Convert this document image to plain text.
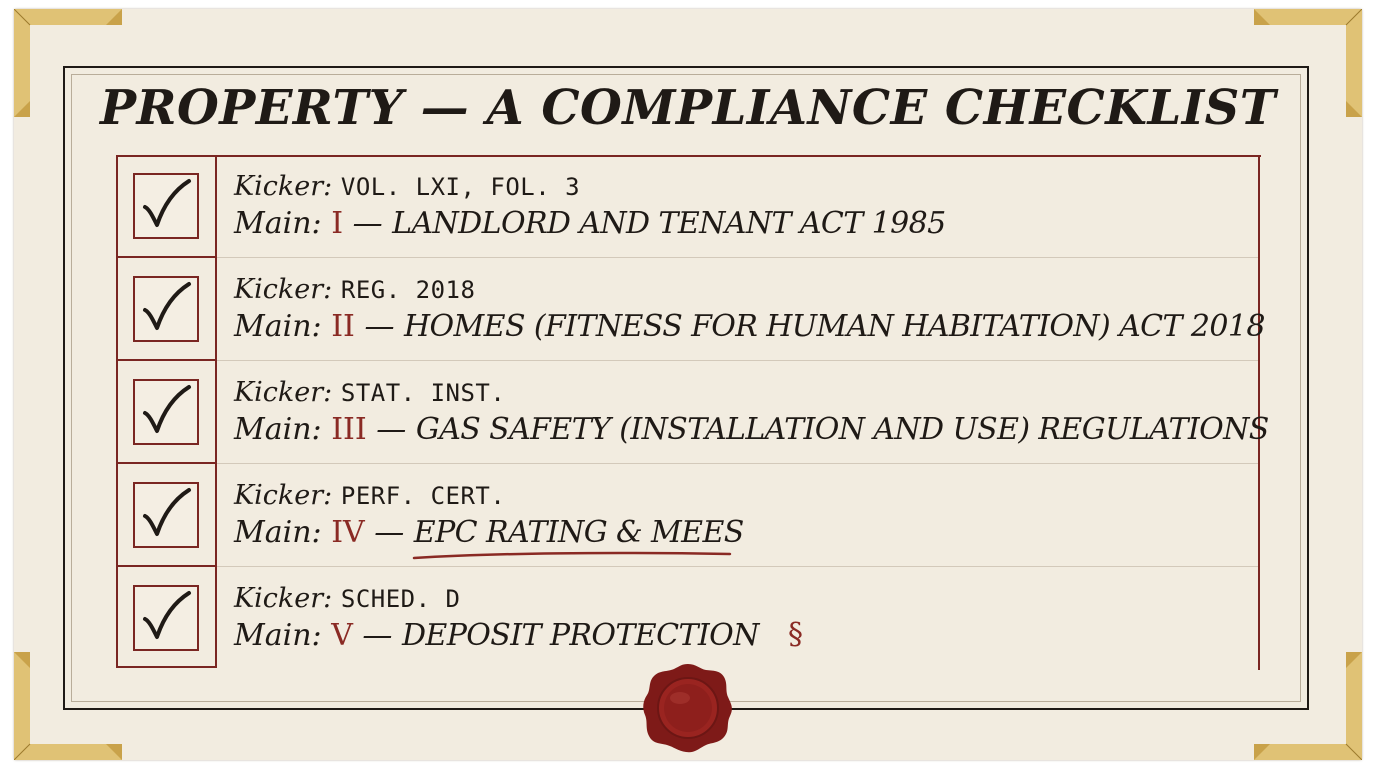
PROPERTY — A COMPLIANCE CHECKLIST
Kicker: VOL. LXI, FOL. 3
Main: I — LANDLORD AND TENANT ACT 1985
Kicker: REG. 2018
Main: II — HOMES (FITNESS FOR HUMAN HABITATION) ACT 2018
Kicker: STAT. INST.
Main: III — GAS SAFETY (INSTALLATION AND USE) REGULATIONS
Kicker: PERF. CERT.
Main: IV — EPC RATING & MEES
Kicker: SCHED. D
Main: V — DEPOSIT PROTECTION §
